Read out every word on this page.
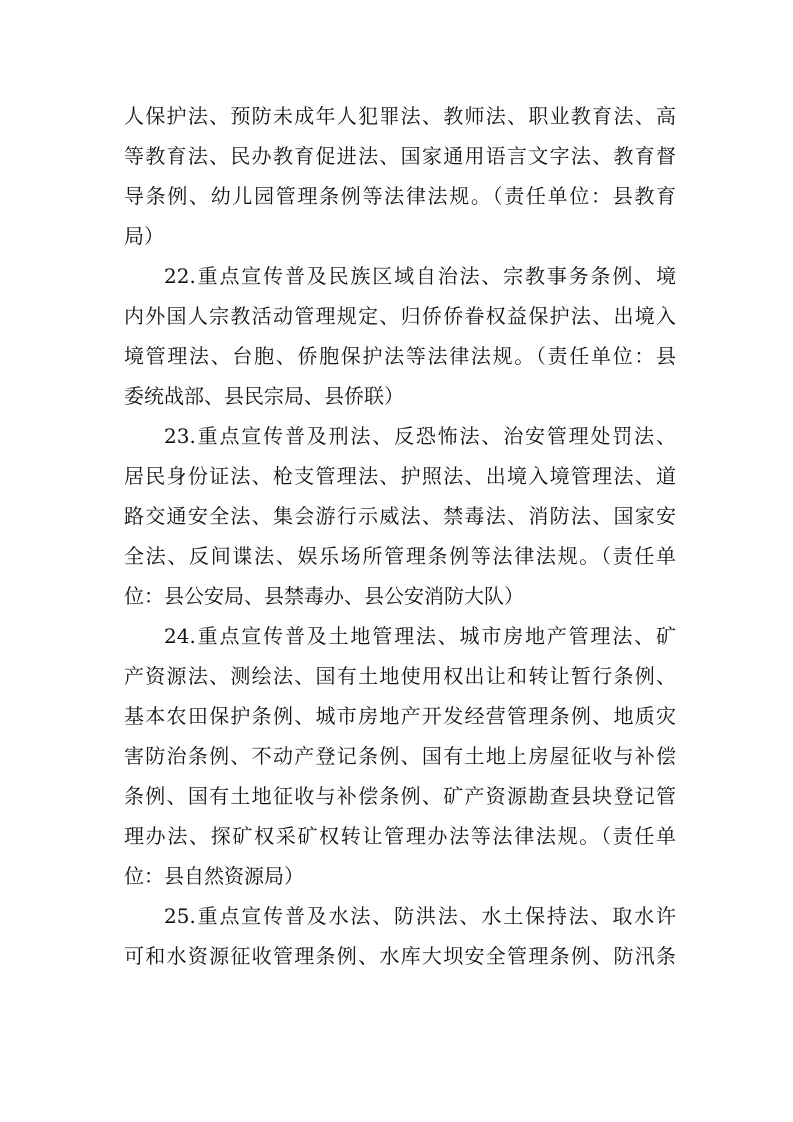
人保护法、预防未成年人犯罪法、教师法、职业教育法、高
等教育法、民办教育促进法、国家通用语言文字法、教育督
导条例、幼儿园管理条例等法律法规。（责任单位：县教育
局）
22.重点宣传普及民族区域自治法、宗教事务条例、境
内外国人宗教活动管理规定、归侨侨眷权益保护法、出境入
境管理法、台胞、侨胞保护法等法律法规。（责任单位：县
委统战部、县民宗局、县侨联）
23.重点宣传普及刑法、反恐怖法、治安管理处罚法、
居民身份证法、枪支管理法、护照法、出境入境管理法、道
路交通安全法、集会游行示威法、禁毒法、消防法、国家安
全法、反间谍法、娱乐场所管理条例等法律法规。（责任单
位：县公安局、县禁毒办、县公安消防大队）
24.重点宣传普及土地管理法、城市房地产管理法、矿
产资源法、测绘法、国有土地使用权出让和转让暂行条例、
基本农田保护条例、城市房地产开发经营管理条例、地质灾
害防治条例、不动产登记条例、国有土地上房屋征收与补偿
条例、国有土地征收与补偿条例、矿产资源勘查县块登记管
理办法、探矿权采矿权转让管理办法等法律法规。（责任单
位：县自然资源局）
25.重点宣传普及水法、防洪法、水土保持法、取水许
可和水资源征收管理条例、水库大坝安全管理条例、防汛条
